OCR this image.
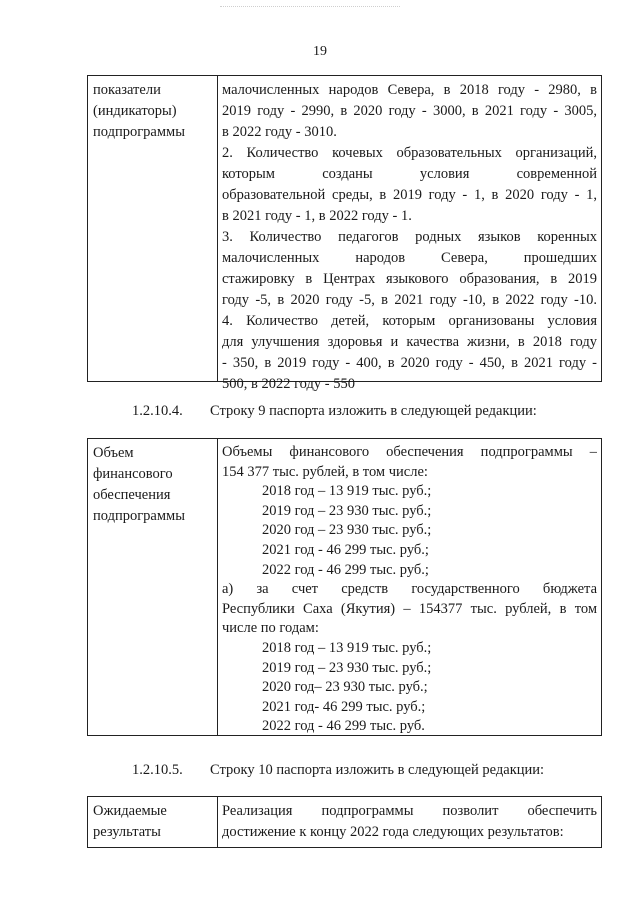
19
показатели
(индикаторы)
подпрограммы
малочисленных народов Севера, в 2018 году - 2980, в
2019 году - 2990, в 2020 году - 3000, в 2021 году - 3005,
в 2022 году - 3010.
2. Количество кочевых образовательных организаций,
которым созданы условия современной
образовательной среды, в 2019 году - 1, в 2020 году - 1,
в 2021 году - 1, в 2022 году - 1.
3. Количество педагогов родных языков коренных
малочисленных народов Севера, прошедших
стажировку в Центрах языкового образования, в 2019
году -5, в 2020 году -5, в 2021 году -10, в 2022 году -10.
4. Количество детей, которым организованы условия
для улучшения здоровья и качества жизни, в 2018 году
- 350, в 2019 году - 400, в 2020 году - 450, в 2021 году -
500, в 2022 году - 550
1.2.10.4. Строку 9 паспорта изложить в следующей редакции:
Объем
финансового
обеспечения
подпрограммы
Объемы финансового обеспечения подпрограммы –
154 377 тыс. рублей, в том числе:
2018 год – 13 919 тыс. руб.;
2019 год – 23 930 тыс. руб.;
2020 год – 23 930 тыс. руб.;
2021 год - 46 299 тыс. руб.;
2022 год - 46 299 тыс. руб.;
а) за счет средств государственного бюджета
Республики Саха (Якутия) – 154377 тыс. рублей, в том
числе по годам:
2018 год – 13 919 тыс. руб.;
2019 год – 23 930 тыс. руб.;
2020 год– 23 930 тыс. руб.;
2021 год- 46 299 тыс. руб.;
2022 год - 46 299 тыс. руб.
1.2.10.5. Строку 10 паспорта изложить в следующей редакции:
Ожидаемые
результаты
Реализация подпрограммы позволит обеспечить
достижение к концу 2022 года следующих результатов:
